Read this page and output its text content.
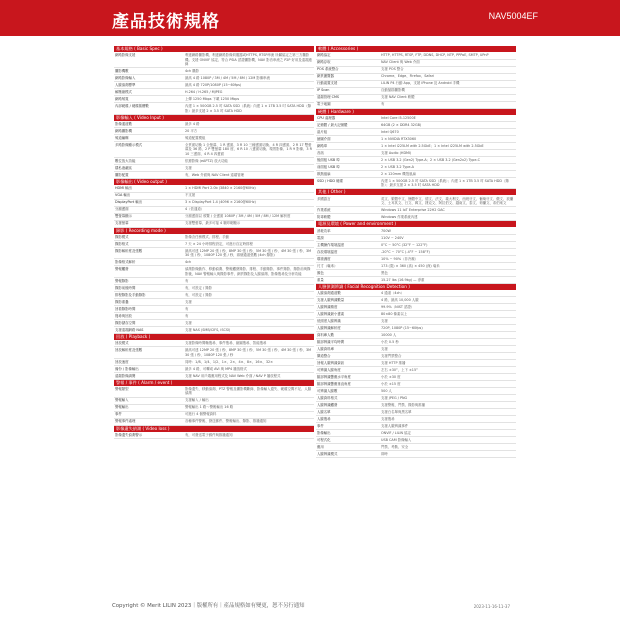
產品技術規格	NAV5004EF
基本規格 ( Basic Spec )
網路影像支援	利達網路攝影機、利達網路影像伺服器或HTTPS, RTSP串流 所屬協定之第三方攝影機。支援 ONVIF 協定、符合 PSIA 認證攝影機，NAV 影音串流之 P2P 好用及遠端連線
攝影機數	4ch 攝影
網路影像輸入	最高 4 路 1080P / 3M / 4M / 5M / 8M / 12M 影像串流
人臉偵測標準	最高 4 路 720P/1080P (15~60fps)
解壓縮模式	H.264 / H.265 / MJPEG
網路頻寬	上傳 1250 Mbps 下載 1250 Mbps
內部硬碟 / 硬碟插槽數	內建 1 × 500GB 2.5 吋 SATA SSD（系統）內建 1 × 1TB 3.5 吋 SATA HDD（錄影）最多支援 2 × 3.5 吋 SATA HDD
影像輸入 ( Video Input )
影像通道數	最多 4 路
網路攝影機	20 平方
頻道編輯	頻道配置模組
多路影像顯示模式	全頁面切換 1 全螢幕、1 R 畫面、3 R 10 三種畫面切換、4 R 四畫面、2 R 17 雙螢幕及 36 路、2 P 雙螢幕 180 度、6 R 10 八畫面切換、環景影像、1 R 9 影像、3 R 10 三畫面、4 R 4 四畫面
數位放大功能	依據影像 (eAPTZ) 放大功能
隱私遮蔽區	支援
攝影配置	有，Web 介面與 NAV Client 遠端管理
影像輸出 ( Video output )
HDMI 輸出	1 × HDMI Port 2.0b (3840 × 2160@60Hz)
VGA 輸出	不支援
DisplayPort 輸出	3 × DisplayPort 1.4 (4096 × 2160@60Hz)
分割畫面	4（依通道）
雙螢幕顯示	分割畫面以 預覽 / 全畫面 1080P / 3M / 4M / 5M / 8M / 12M 解析度
支援螢幕	支援雙螢幕，最多可接 4 顆印刷顯示
錄影 ( Recording mode )
錄影模式	影像含任務模式、排程、手動
錄影格式	7 天 × 24 小時排程設定，可進行自定時排程
錄影解析度及張數	最高可達 12MP 20 張 / 秒、8MP 30 張 / 秒、5M 30 張 / 秒、4M 30 張 / 秒、3M 30 張 / 秒、1080P 120 張 / 秒，兩個通道張數 (4ch 錄影)
影像格式解析	4ch
警報觸發	偵測影像動作、移動偵測、警報觸發錄影、排程、手動錄影、事件錄影、錄影前與錄影後，NAV 警報輸入與錄影事件、網頁錄影及人臉偵測、影像搜尋及分析功能
警報錄影	有
錄影前後時間	有，可設定 / 錄影
排程錄影及手動錄影	有，可設定 / 錄影
錄影重疊	支援
回看錄影時間	有
搜尋與回放	有
錄影儲存空間	支援
支援遠端網路 NAS	支援 NAS (SMB/CIFS, iSCSI)
回放 ( Playback )
回放模式	支援影像時間軸搜尋、事件搜尋、縮圖搜尋、智能搜尋
回放解析度及張數	最高可達 12MP 20 張 / 秒、8MP 30 張 / 秒、5M 30 張 / 秒、4M 30 張 / 秒、3M 30 張 / 秒、1080P 120 張 / 秒
回放速度	同時：1/8、1/4、1/2、1×、2×、4×、8×、16×、32×
備份 / 影像輸出	最多 4 路，可轉成 AVI 與 MP4 播放格式
遠端影像調閱	支援 NAV 用戶端應用程式及 NAV Web 介面 / NAV P 播放程式
警報 / 事件 ( Alarm / event )
警報類型	影像遺失、移動偵測、PTZ 警報及攝影機斷線、影像輸入遺失、硬碟空間不足、人臉偵測
警報輸入	支援輸入 / 輸出
警報輸出	警報輸出 1 路～警報輸出 16 路
事件	可進行 4 個警報資料
警報事件處理	各種事件警報、發送郵件、警報輸出、錄影、推播通知
影像遺失偵測 ( Video loss )
影像遺失偵測警示	有，可發送電子郵件與推播通知
軟體 ( Accessories )
網路協定	HTTP, HTTPS, RTSP, FTP, DDNS, DHCP, NTP, PPPoE, SMTP, UPnP
網路存取	NAV Client 與 Web 介面
POS 系統整合	支援 POS 整合
網頁瀏覽器	Chrome、Edge、Firefox、Safari
行動裝置支援	LILIN P4 行動 App，支援 iPhone 及 Android 手機
IP Scan	自動掃描攝影機
遠端管理 CMS	支援 NAV Client 軟體
電子地圖	有
硬體 ( Hardware )
CPU 處理器	Intel Core i5-12500E
記憶體 / 最大記憶體	64GB (2 × DDR4 32GB)
晶片組	Intel Q670
繪圖介面	1 × NVIDIA RTX3060
網路埠	1 × Intel i225LM with 2.5GbE；1 × Intel i225LM with 2.5GbE
音訊	支援 Audio (HDMI)
後面板 USB 埠	2 × USB 3.2 (Gen2) Type-A；2 × USB 3.2 (Gen2x2) Type-C
前面板 USB 埠	2 × USB 3.2 Type-A
散熱風扇	2 × 120mm 機殼風扇
SSD / HDD 硬碟	內建 1 × 500GB 2.5 吋 SATA SSD（系統）；內建 1 × 1TB 3.5 吋 SATA HDD（錄影）；最多支援 2 × 3.5 吋 SATA HDD
其他 ( Other )
多國語言	英文、繁體中文、簡體中文、德文、法文、義大利文、西班牙文、葡萄牙文、俄文、波蘭文、土耳其文、日文、韓文、捷克文、阿拉伯文、越南文、泰文、荷蘭文、希伯來文
作業系統	Windows 11 IoT Enterprise 22H2 GAC
防毒軟體	Windows 作業系統內建
電源及環境 ( Power and environment )
消耗功率	700W
電源	110V ~ 240V
主機操作環境溫度	0°C ~ 50°C (32°F ~ 122°F)
存放環境溫度	-20°C ~ 70°C (-4°F ~ 158°F)
環境濕度	10% ~ 90%（非冷凝）
尺寸（毫米）	173 (寬) × 360 (高) × 450 (深) 毫米
顏色	黑色
重量	15.27 lbs (16.9kg) — 淨重
人臉偵測辨識 ( Facial Recognition Detection )
人臉偵測通道數	4 通道（4ch）
支援人臉辨識數量	4 路，最高 10,000 人臉
人臉辨識精度	99.9%（NIST 認證）
人臉辨識最小畫素	80×80 像素以上
低照度人臉辨識	支援
人臉辨識解析度	720P, 1080P (15~60fps)
資料庫人數	10000 人
臉部辨識平均時間	小於 0.5 秒
人臉資料庫	支援
閘道整合	支援門禁整合
回報人臉辨識資訊	支援 HTTP 推播
可辨識人臉角度	左右 ±30°，上下 ±15°
臉部辨識響應水平角度	小於 ±30 度
臉部辨識響應垂直角度	小於 ±15 度
可辨識人臉數	500 人
人臉資料格式	支援 JPEG / PNG
人臉辨識觸發	支援警報、門禁、錄影與推播
人臉名單	支援白名單與黑名單
人臉搜尋	支援搜尋
事件	支援人臉辨識事件
影像輸出	ONVIF / LILIN 協定
可程式化	USB CAM 影像輸入
應用	門禁、考勤、安全
人臉辨識模式	即時
Copyright © Merit LILIN 2023｜版權所有｜產品規格如有變更，恕不另行通知	2023-11-16-11-37
